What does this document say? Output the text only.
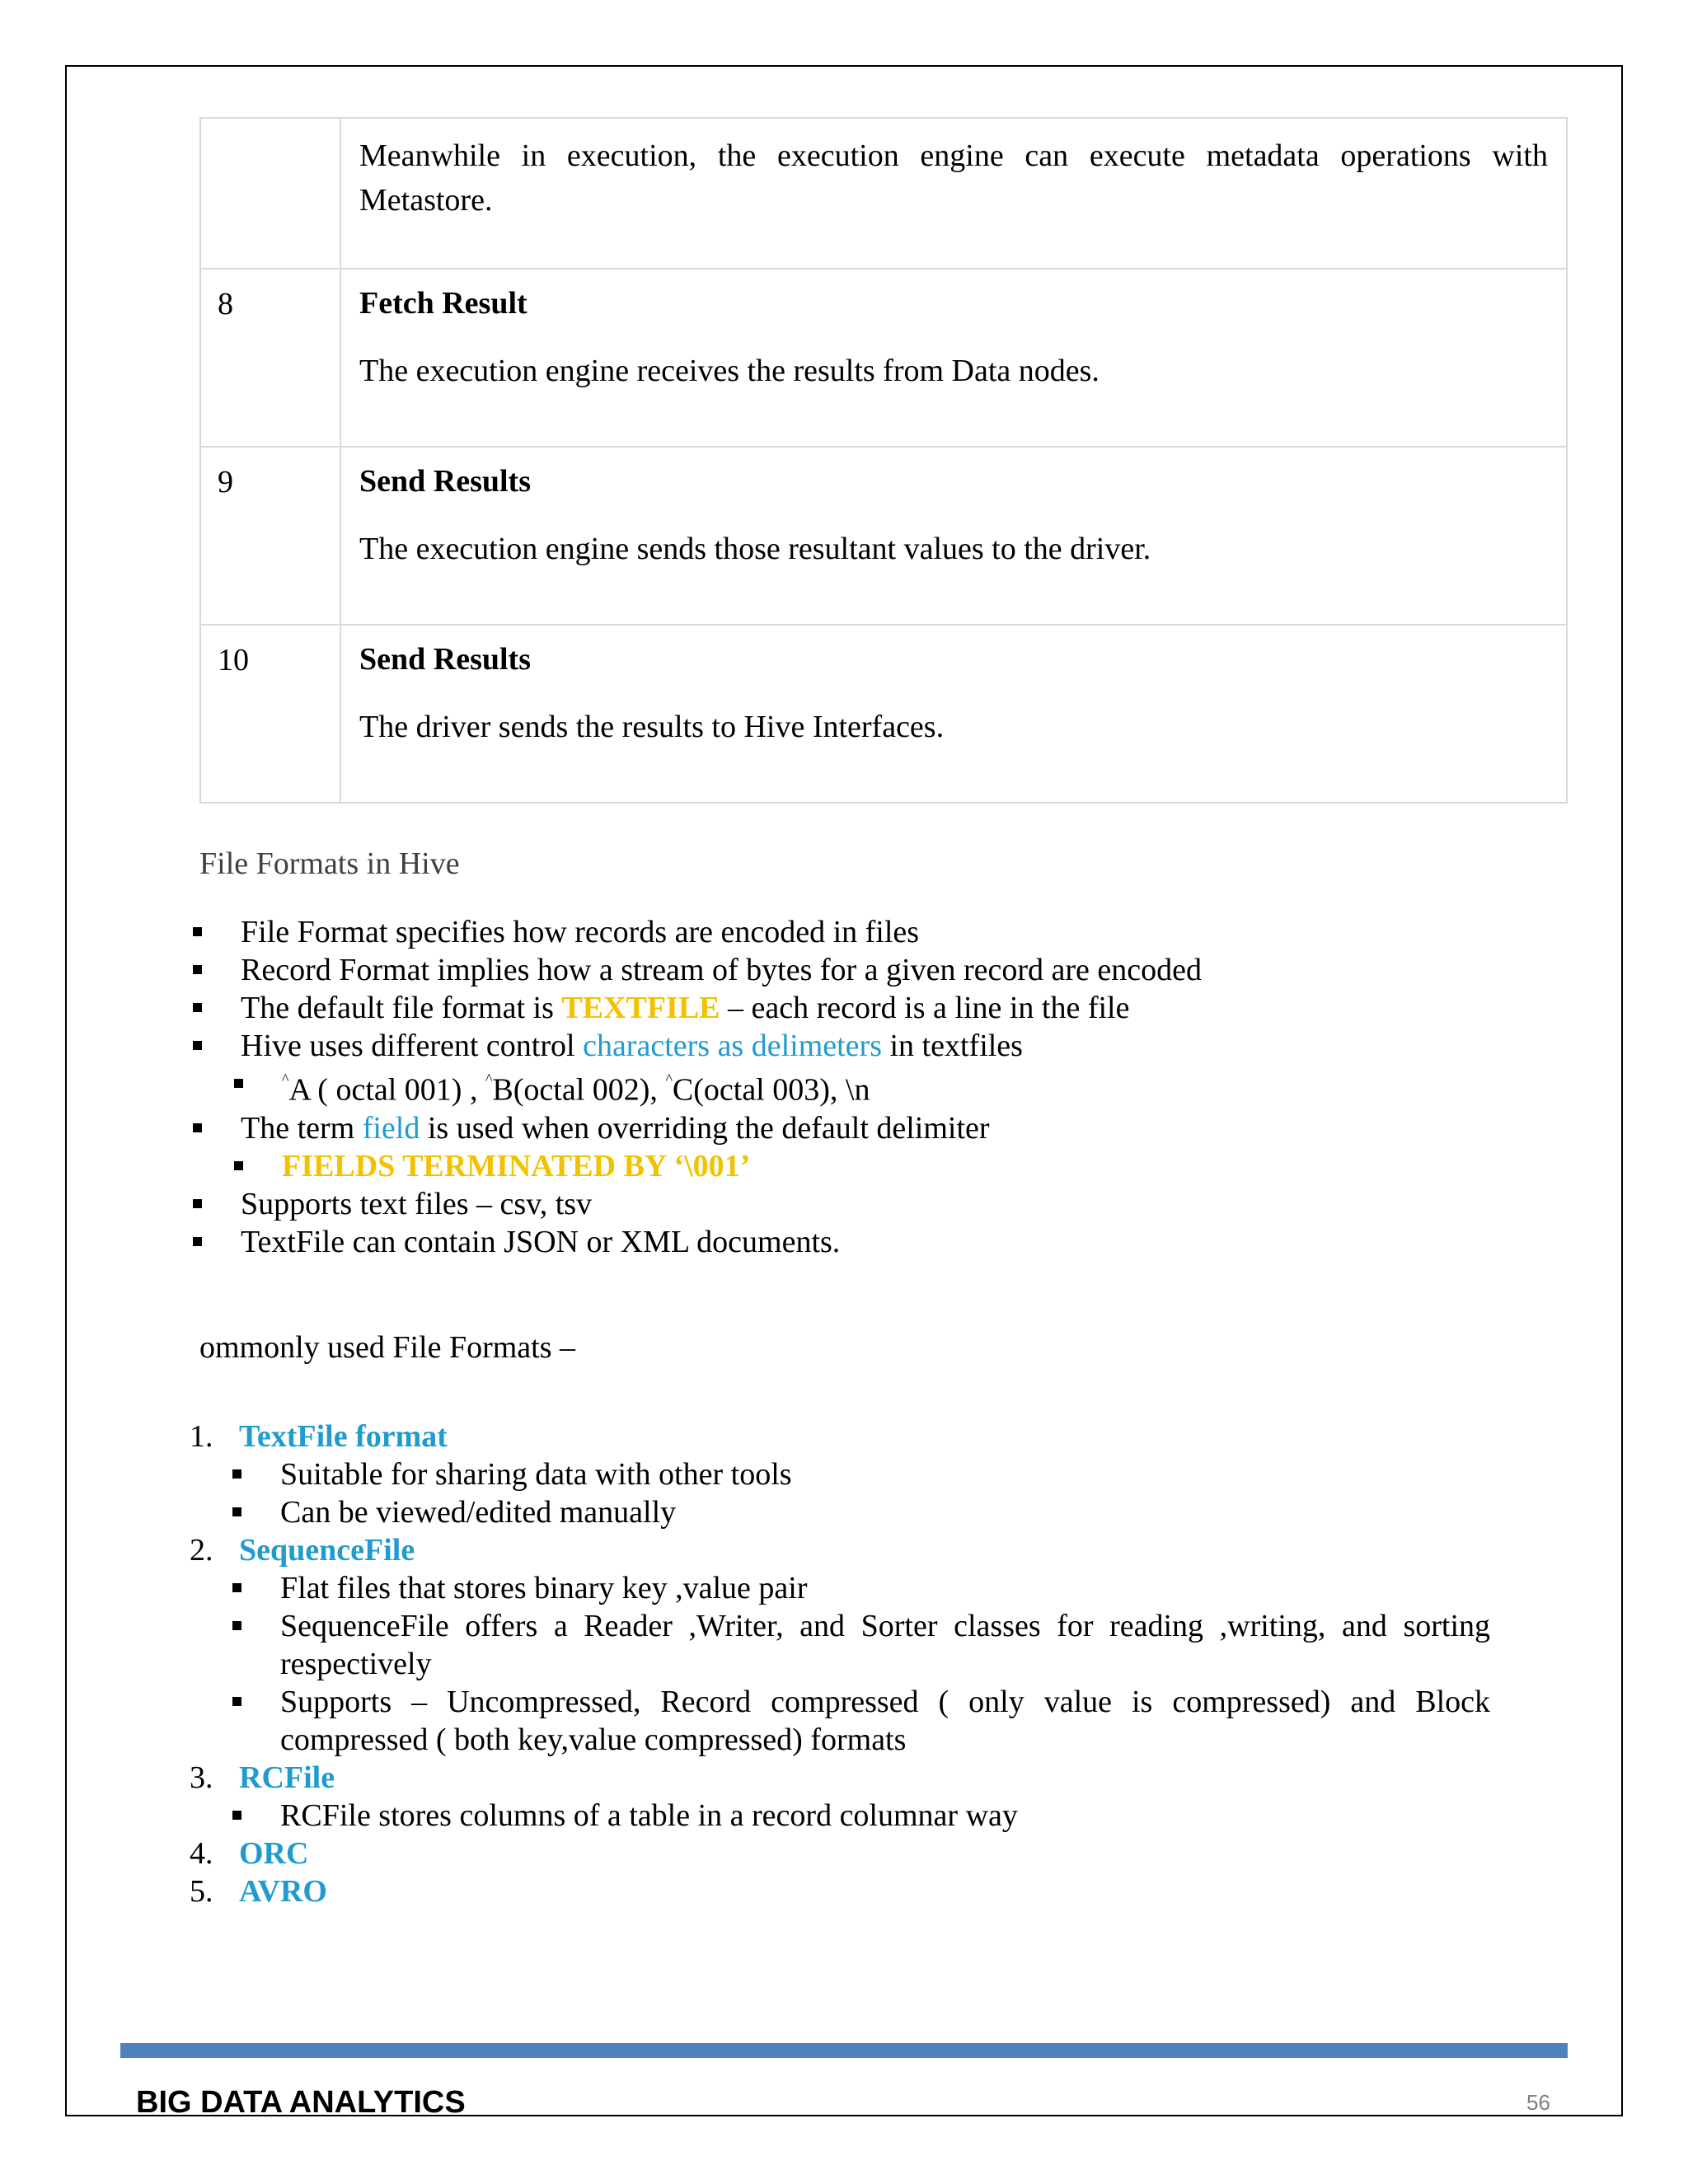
	Meanwhile in execution, the execution engine can execute metadata operations with Metastore.

8	Fetch Result

The execution engine receives the results from Data nodes.

9	Send Results

The execution engine sends those resultant values to the driver.

10	Send Results

The driver sends the results to Hive Interfaces.

File Formats in Hive

File Format specifies how records are encoded in files
Record Format implies how a stream of bytes for a given record are encoded
The default file format is TEXTFILE – each record is a line in the file
Hive uses different control characters as delimeters in textfiles
^A ( octal 001) , ^B(octal 002), ^C(octal 003), \n
The term field is used when overriding the default delimiter
FIELDS TERMINATED BY ‘\001’
Supports text files – csv, tsv
TextFile can contain JSON or XML documents.

ommonly used File Formats –

1. TextFile format
Suitable for sharing data with other tools
Can be viewed/edited manually
2. SequenceFile
Flat files that stores binary key ,value pair
SequenceFile offers a Reader ,Writer, and Sorter classes for reading ,writing, and sorting respectively
Supports – Uncompressed, Record compressed ( only value is compressed) and Block compressed ( both key,value compressed) formats
3. RCFile
RCFile stores columns of a table in a record columnar way
4. ORC
5. AVRO

BIG DATA ANALYTICS	56
